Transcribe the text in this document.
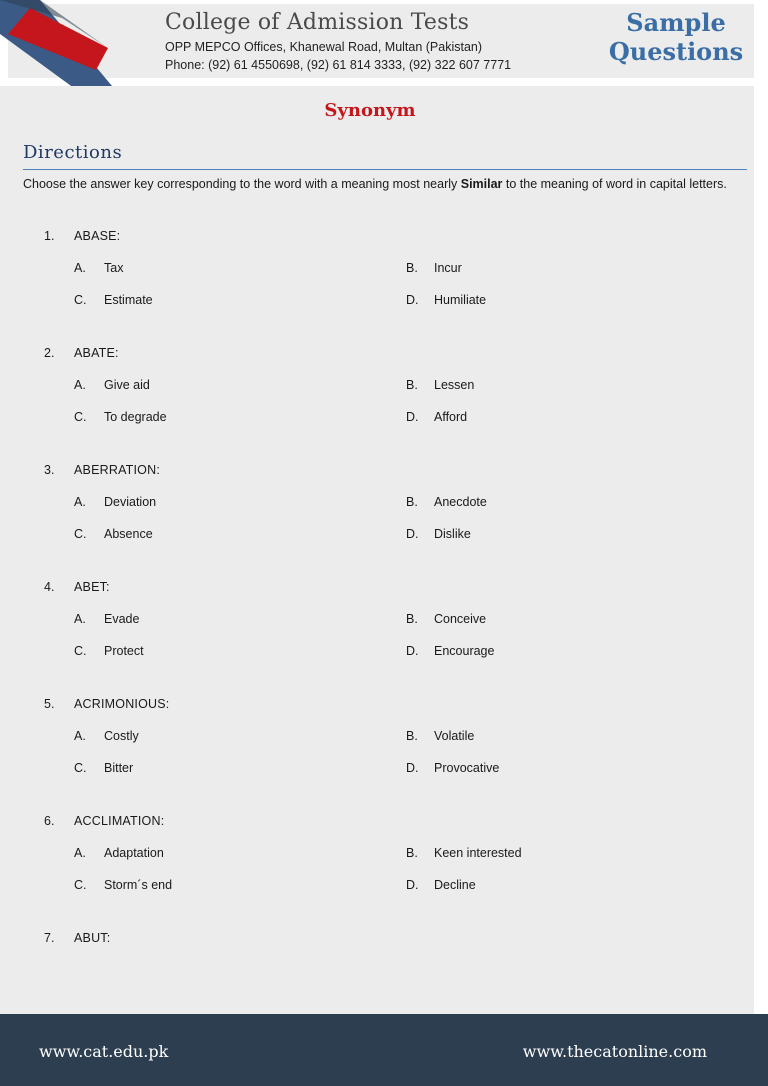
College of Admission Tests
OPP MEPCO Offices, Khanewal Road, Multan (Pakistan)
Phone: (92) 61 4550698, (92) 61 814 3333, (92) 322 607 7771
Sample
Questions
Synonym
Directions
Choose the answer key corresponding to the word with a meaning most nearly Similar to the meaning of word in capital letters.
1. ABASE:
A. Tax	B. Incur
C. Estimate	D. Humiliate
2. ABATE:
A. Give aid	B. Lessen
C. To degrade	D. Afford
3. ABERRATION:
A. Deviation	B. Anecdote
C. Absence	D. Dislike
4. ABET:
A. Evade	B. Conceive
C. Protect	D. Encourage
5. ACRIMONIOUS:
A. Costly	B. Volatile
C. Bitter	D. Provocative
6. ACCLIMATION:
A. Adaptation	B. Keen interested
C. Storm´s end	D. Decline
7. ABUT:
www.cat.edu.pk	www.thecatonline.com
